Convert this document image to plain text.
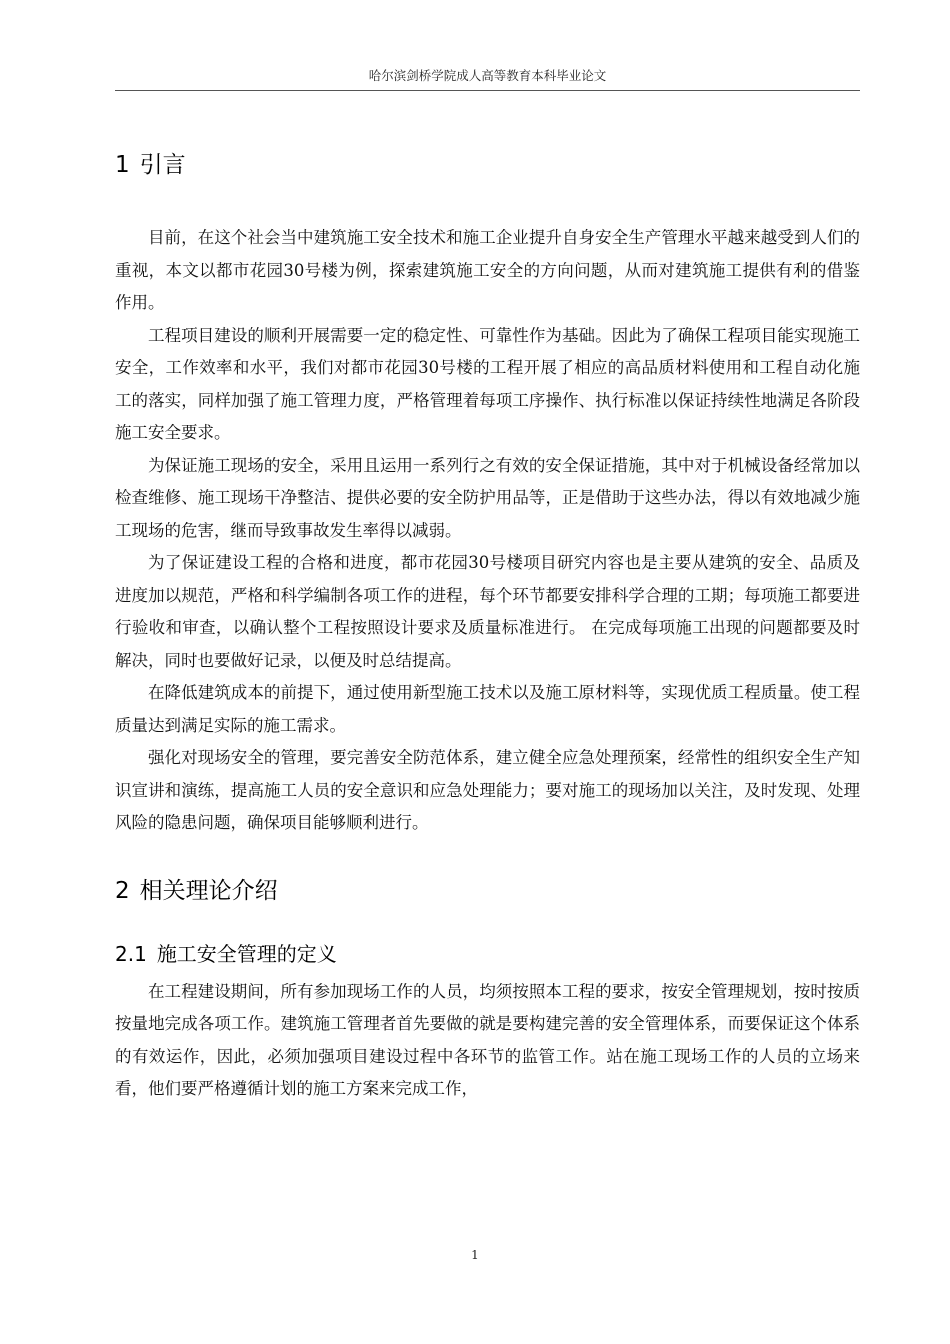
哈尔滨剑桥学院成人高等教育本科毕业论文
1 引言

目前，在这个社会当中建筑施工安全技术和施工企业提升自身安全生产管理水平越来越受到人们的重视，本文以都市花园30号楼为例，探索建筑施工安全的方向问题，从而对建筑施工提供有利的借鉴作用。

工程项目建设的顺利开展需要一定的稳定性、可靠性作为基础。因此为了确保工程项目能实现施工安全，工作效率和水平，我们对都市花园30号楼的工程开展了相应的高品质材料使用和工程自动化施工的落实，同样加强了施工管理力度，严格管理着每项工序操作、执行标准以保证持续性地满足各阶段施工安全要求。

为保证施工现场的安全，采用且运用一系列行之有效的安全保证措施，其中对于机械设备经常加以检查维修、施工现场干净整洁、提供必要的安全防护用品等，正是借助于这些办法，得以有效地减少施工现场的危害，继而导致事故发生率得以减弱。

为了保证建设工程的合格和进度，都市花园30号楼项目研究内容也是主要从建筑的安全、品质及进度加以规范，严格和科学编制各项工作的进程，每个环节都要安排科学合理的工期；每项施工都要进行验收和审查，以确认整个工程按照设计要求及质量标准进行。 在完成每项施工出现的问题都要及时解决，同时也要做好记录，以便及时总结提高。

在降低建筑成本的前提下，通过使用新型施工技术以及施工原材料等，实现优质工程质量。使工程质量达到满足实际的施工需求。

强化对现场安全的管理，要完善安全防范体系，建立健全应急处理预案，经常性的组织安全生产知识宣讲和演练，提高施工人员的安全意识和应急处理能力；要对施工的现场加以关注，及时发现、处理风险的隐患问题，确保项目能够顺利进行。

2 相关理论介绍
2.1 施工安全管理的定义

在工程建设期间，所有参加现场工作的人员，均须按照本工程的要求，按安全管理规划，按时按质按量地完成各项工作。建筑施工管理者首先要做的就是要构建完善的安全管理体系，而要保证这个体系的有效运作，因此，必须加强项目建设过程中各环节的监管工作。站在施工现场工作的人员的立场来看，他们要严格遵循计划的施工方案来完成工作，

1
